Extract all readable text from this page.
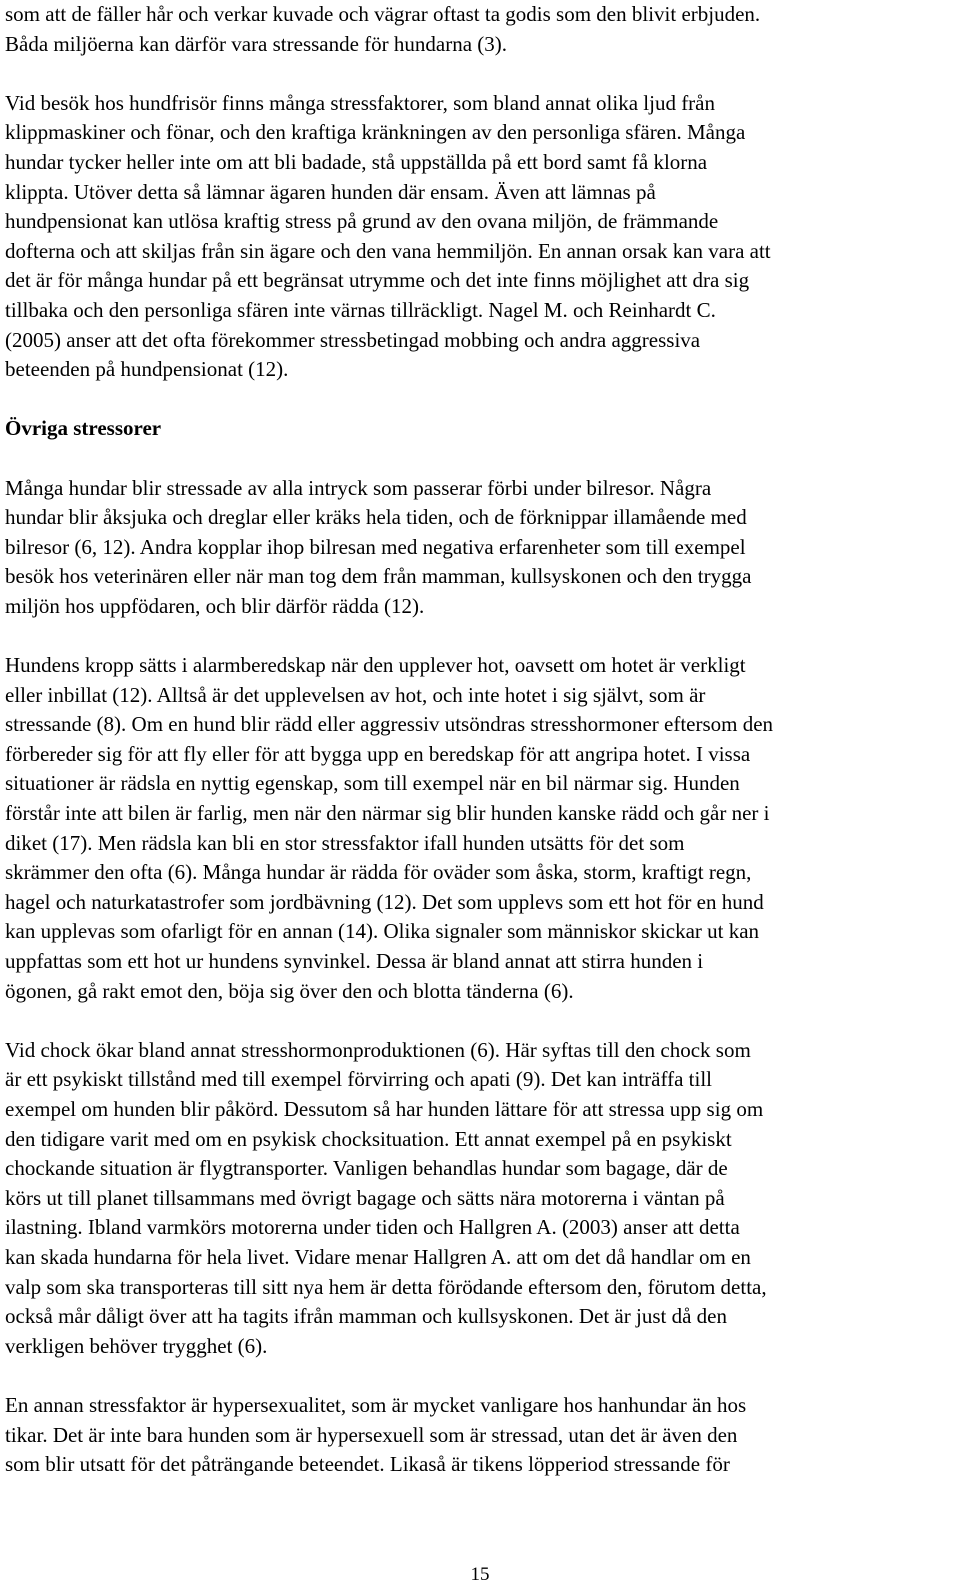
som att de fäller hår och verkar kuvade och vägrar oftast ta godis som den blivit erbjuden.
Båda miljöerna kan därför vara stressande för hundarna (3).
Vid besök hos hundfrisör finns många stressfaktorer, som bland annat olika ljud från
klippmaskiner och fönar, och den kraftiga kränkningen av den personliga sfären. Många
hundar tycker heller inte om att bli badade, stå uppställda på ett bord samt få klorna
klippta. Utöver detta så lämnar ägaren hunden där ensam. Även att lämnas på
hundpensionat kan utlösa kraftig stress på grund av den ovana miljön, de främmande
dofterna och att skiljas från sin ägare och den vana hemmiljön. En annan orsak kan vara att
det är för många hundar på ett begränsat utrymme och det inte finns möjlighet att dra sig
tillbaka och den personliga sfären inte värnas tillräckligt. Nagel M. och Reinhardt C.
(2005) anser att det ofta förekommer stressbetingad mobbing och andra aggressiva
beteenden på hundpensionat (12).
Övriga stressorer
Många hundar blir stressade av alla intryck som passerar förbi under bilresor. Några
hundar blir åksjuka och dreglar eller kräks hela tiden, och de förknippar illamående med
bilresor (6, 12). Andra kopplar ihop bilresan med negativa erfarenheter som till exempel
besök hos veterinären eller när man tog dem från mamman, kullsyskonen och den trygga
miljön hos uppfödaren, och blir därför rädda (12).
Hundens kropp sätts i alarmberedskap när den upplever hot, oavsett om hotet är verkligt
eller inbillat (12). Alltså är det upplevelsen av hot, och inte hotet i sig självt, som är
stressande (8). Om en hund blir rädd eller aggressiv utsöndras stresshormoner eftersom den
förbereder sig för att fly eller för att bygga upp en beredskap för att angripa hotet. I vissa
situationer är rädsla en nyttig egenskap, som till exempel när en bil närmar sig. Hunden
förstår inte att bilen är farlig, men när den närmar sig blir hunden kanske rädd och går ner i
diket (17). Men rädsla kan bli en stor stressfaktor ifall hunden utsätts för det som
skrämmer den ofta (6). Många hundar är rädda för oväder som åska, storm, kraftigt regn,
hagel och naturkatastrofer som jordbävning (12). Det som upplevs som ett hot för en hund
kan upplevas som ofarligt för en annan (14). Olika signaler som människor skickar ut kan
uppfattas som ett hot ur hundens synvinkel. Dessa är bland annat att stirra hunden i
ögonen, gå rakt emot den, böja sig över den och blotta tänderna (6).
Vid chock ökar bland annat stresshormonproduktionen (6). Här syftas till den chock som
är ett psykiskt tillstånd med till exempel förvirring och apati (9). Det kan inträffa till
exempel om hunden blir påkörd. Dessutom så har hunden lättare för att stressa upp sig om
den tidigare varit med om en psykisk chocksituation. Ett annat exempel på en psykiskt
chockande situation är flygtransporter. Vanligen behandlas hundar som bagage, där de
körs ut till planet tillsammans med övrigt bagage och sätts nära motorerna i väntan på
ilastning. Ibland varmkörs motorerna under tiden och Hallgren A. (2003) anser att detta
kan skada hundarna för hela livet. Vidare menar Hallgren A. att om det då handlar om en
valp som ska transporteras till sitt nya hem är detta förödande eftersom den, förutom detta,
också mår dåligt över att ha tagits ifrån mamman och kullsyskonen. Det är just då den
verkligen behöver trygghet (6).
En annan stressfaktor är hypersexualitet, som är mycket vanligare hos hanhundar än hos
tikar. Det är inte bara hunden som är hypersexuell som är stressad, utan det är även den
som blir utsatt för det påträngande beteendet. Likaså är tikens löpperiod stressande för
15
